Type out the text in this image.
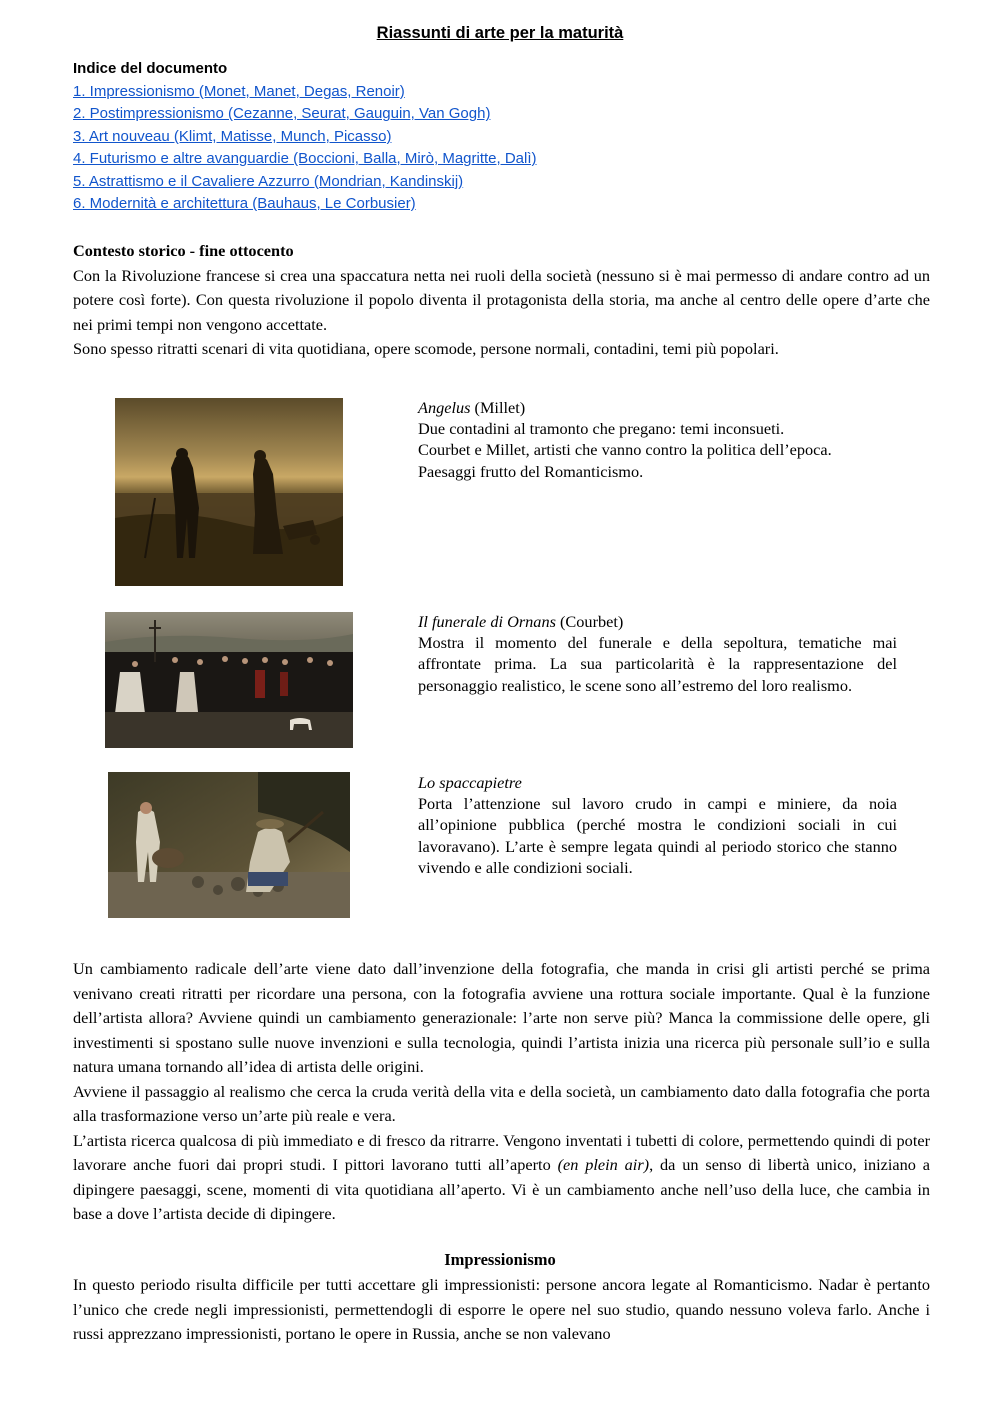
Riassunti di arte per la maturità
Indice del documento
1. Impressionismo (Monet, Manet, Degas, Renoir)
2. Postimpressionismo (Cezanne, Seurat, Gauguin, Van Gogh)
3. Art nouveau (Klimt, Matisse, Munch, Picasso)
4. Futurismo e altre avanguardie (Boccioni, Balla, Mirò, Magritte, Dalì)
5. Astrattismo e il Cavaliere Azzurro (Mondrian, Kandinskij)
6. Modernità e architettura (Bauhaus, Le Corbusier)

Contesto storico - fine ottocento

Con la Rivoluzione francese si crea una spaccatura netta nei ruoli della società (nessuno si è mai permesso di andare contro ad un potere così forte). Con questa rivoluzione il popolo diventa il protagonista della storia, ma anche al centro delle opere d’arte che nei primi tempi non vengono accettate.

Sono spesso ritratti scenari di vita quotidiana, opere scomode, persone normali, contadini, temi più popolari.

Angelus (Millet)

Due contadini al tramonto che pregano: temi inconsueti.

Courbet e Millet, artisti che vanno contro la politica dell’epoca.

Paesaggi frutto del Romanticismo.

Il funerale di Ornans (Courbet)

Mostra il momento del funerale e della sepoltura, tematiche mai affrontate prima. La sua particolarità è la rappresentazione del personaggio realistico, le scene sono all’estremo del loro realismo.

Lo spaccapietre

Porta l’attenzione sul lavoro crudo in campi e miniere, da noia all’opinione pubblica (perché mostra le condizioni sociali in cui lavoravano). L’arte è sempre legata quindi al periodo storico che stanno vivendo e alle condizioni sociali.

Un cambiamento radicale dell’arte viene dato dall’invenzione della fotografia, che manda in crisi gli artisti perché se prima venivano creati ritratti per ricordare una persona, con la fotografia avviene una rottura sociale importante. Qual è la funzione dell’artista allora? Avviene quindi un cambiamento generazionale: l’arte non serve più? Manca la commissione delle opere, gli investimenti si spostano sulle nuove invenzioni e sulla tecnologia, quindi l’artista inizia una ricerca più personale sull’io e sulla natura umana tornando all’idea di artista delle origini.

Avviene il passaggio al realismo che cerca la cruda verità della vita e della società, un cambiamento dato dalla fotografia che porta alla trasformazione verso un’arte più reale e vera.

L’artista ricerca qualcosa di più immediato e di fresco da ritrarre. Vengono inventati i tubetti di colore, permettendo quindi di poter lavorare anche fuori dai propri studi. I pittori lavorano tutti all’aperto (en plein air), da un senso di libertà unico, iniziano a dipingere paesaggi, scene, momenti di vita quotidiana all’aperto. Vi è un cambiamento anche nell’uso della luce, che cambia in base a dove l’artista decide di dipingere.

Impressionismo

In questo periodo risulta difficile per tutti accettare gli impressionisti: persone ancora legate al Romanticismo. Nadar è pertanto l’unico che crede negli impressionisti, permettendogli di esporre le opere nel suo studio, quando nessuno voleva farlo. Anche i russi apprezzano impressionisti, portano le opere in Russia, anche se non valevano
